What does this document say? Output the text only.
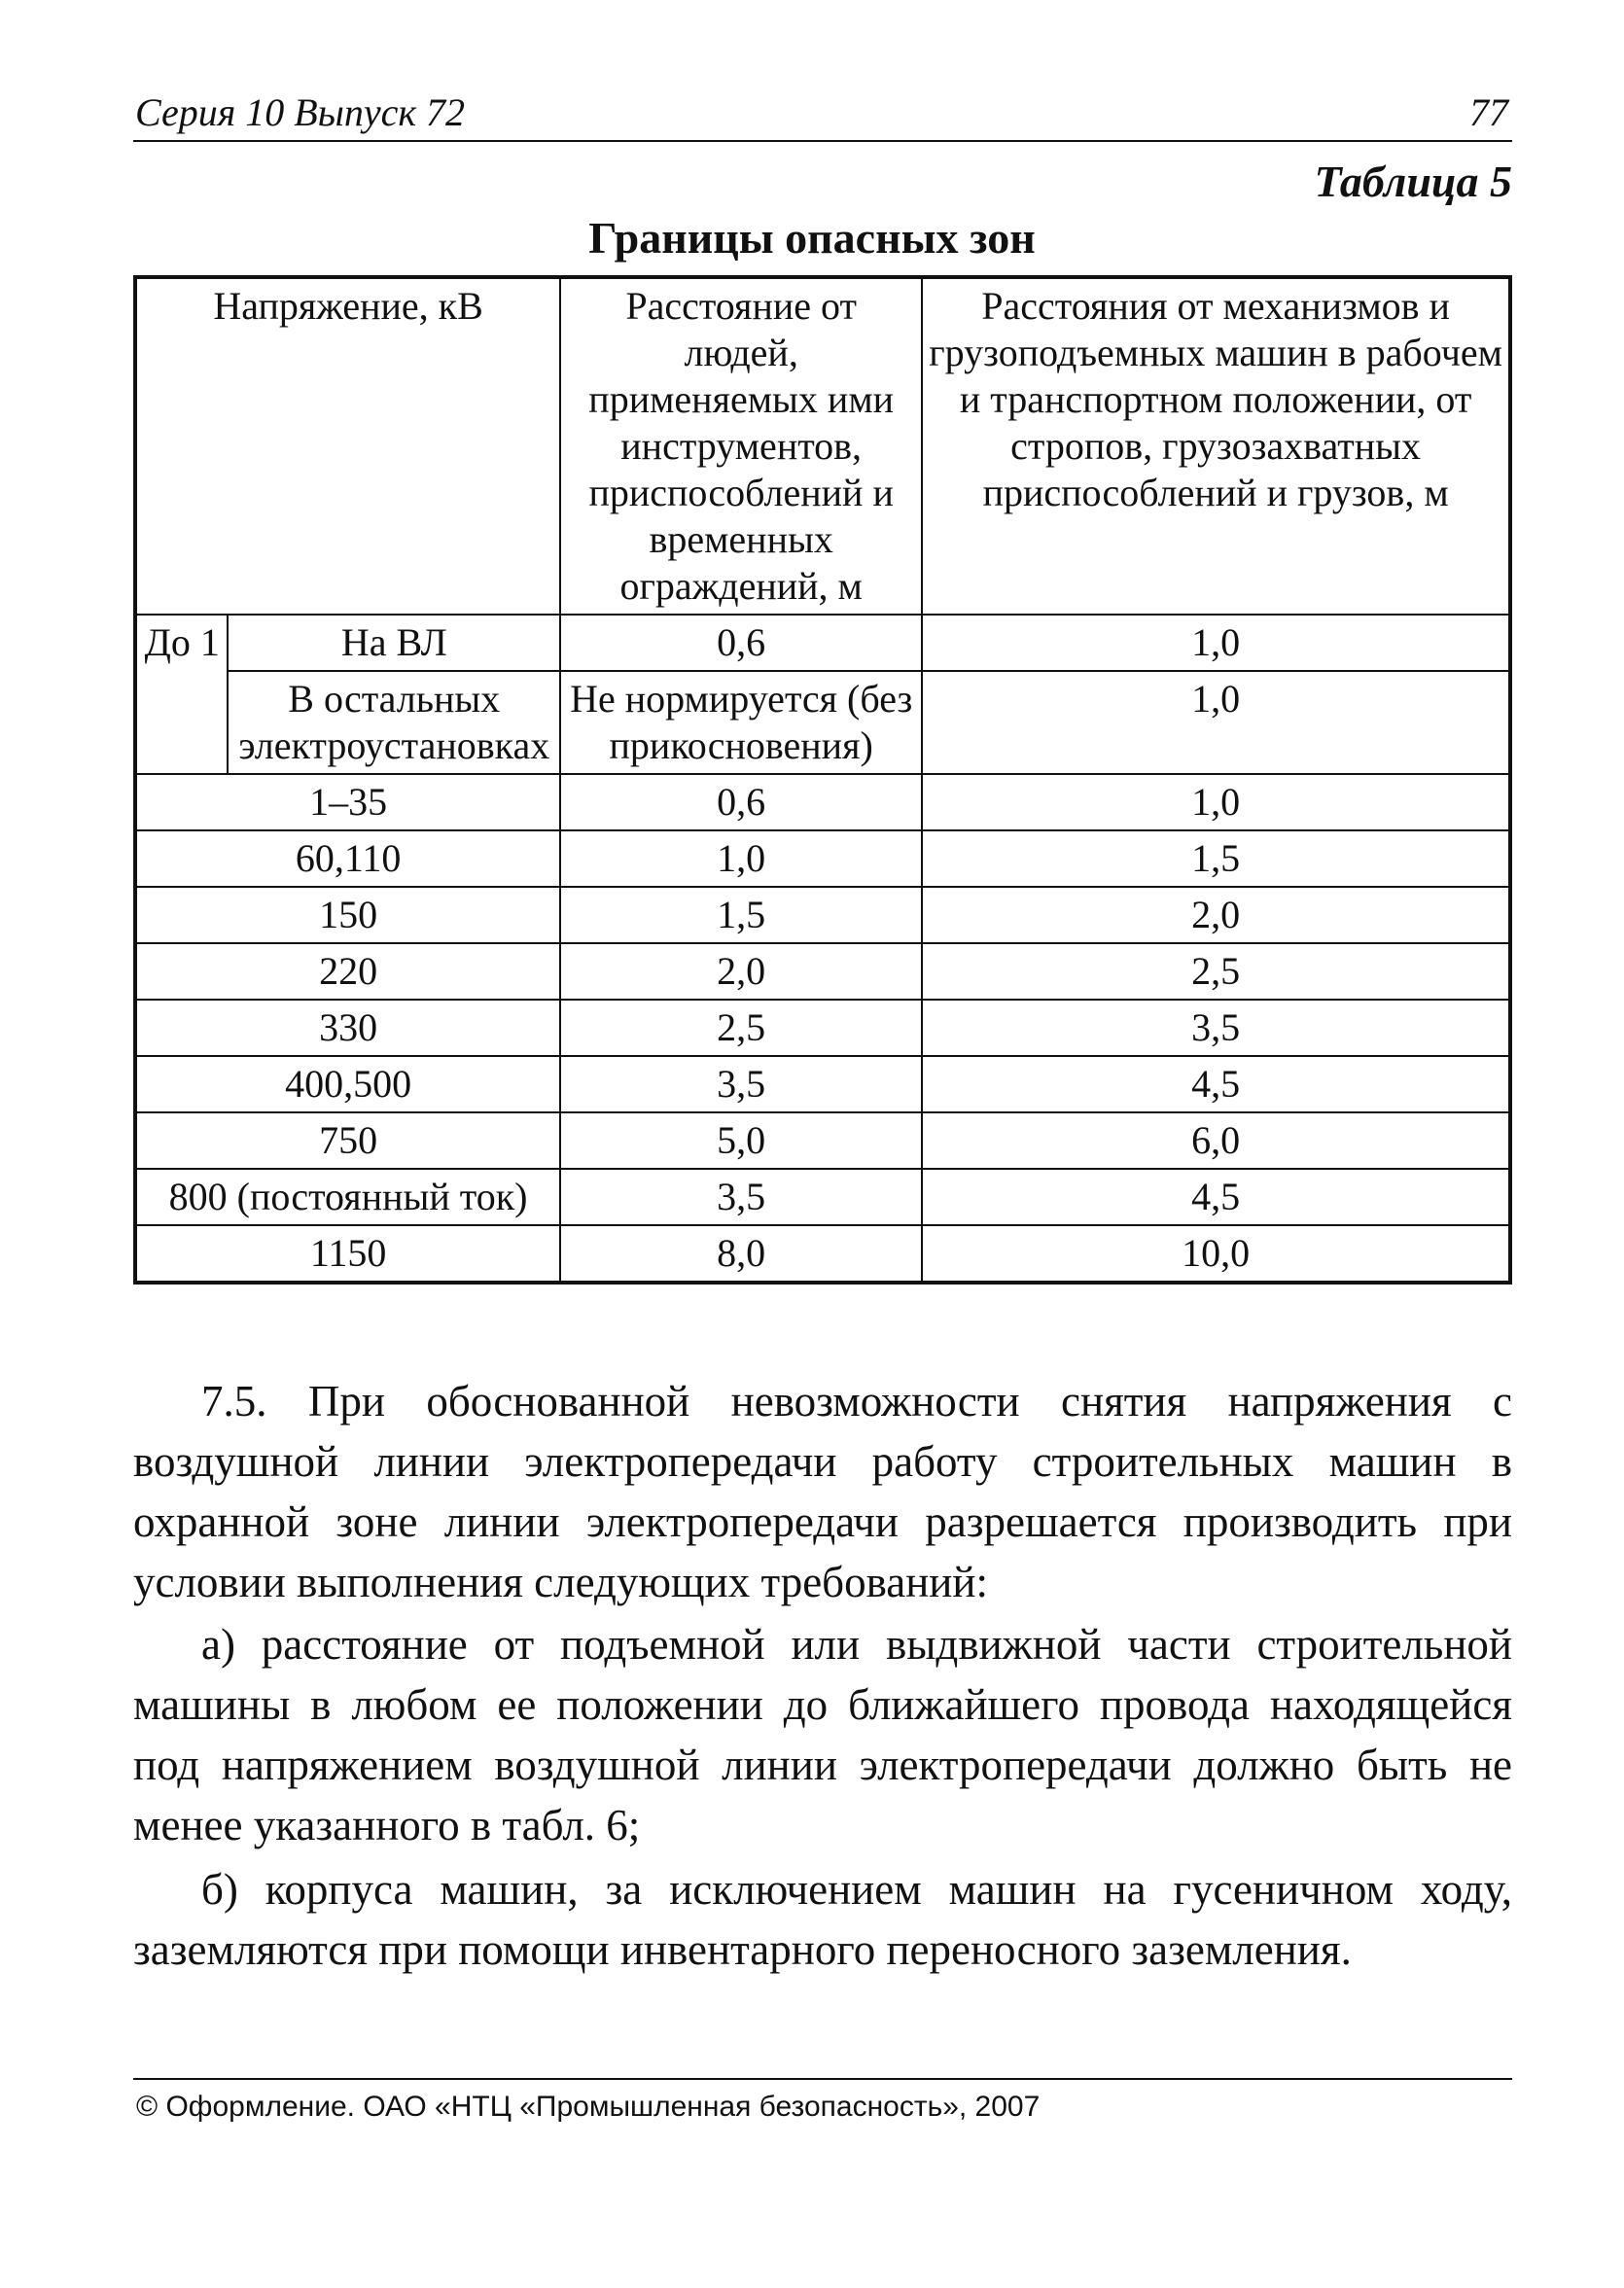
Серия 10 Выпуск 72	77
Таблица 5
Границы опасных зон
Напряжение, кВ		Расстояние от людей, применяемых ими инструментов, приспособлений и временных ограждений, м	Расстояния от механизмов и грузоподъемных машин в рабочем и транспортном положении, от стропов, грузозахватных приспособлений и грузов, м
До 1	На ВЛ	0,6	1,0
	В остальных электроустановках	Не нормируется (без прикосновения)	1,0
1–35		0,6	1,0
60,110		1,0	1,5
150		1,5	2,0
220		2,0	2,5
330		2,5	3,5
400,500		3,5	4,5
750		5,0	6,0
800 (постоянный ток)		3,5	4,5
1150		8,0	10,0

7.5. При обоснованной невозможности снятия напряжения с воздушной линии электропередачи работу строительных машин в охранной зоне линии электропередачи разрешается производить при условии выполнения следующих требований:

а) расстояние от подъемной или выдвижной части строительной машины в любом ее положении до ближайшего провода находящейся под напряжением воздушной линии электропередачи должно быть не менее указанного в табл. 6;

б) корпуса машин, за исключением машин на гусеничном ходу, заземляются при помощи инвентарного переносного заземления.

© Оформление. ОАО «НТЦ «Промышленная безопасность», 2007
